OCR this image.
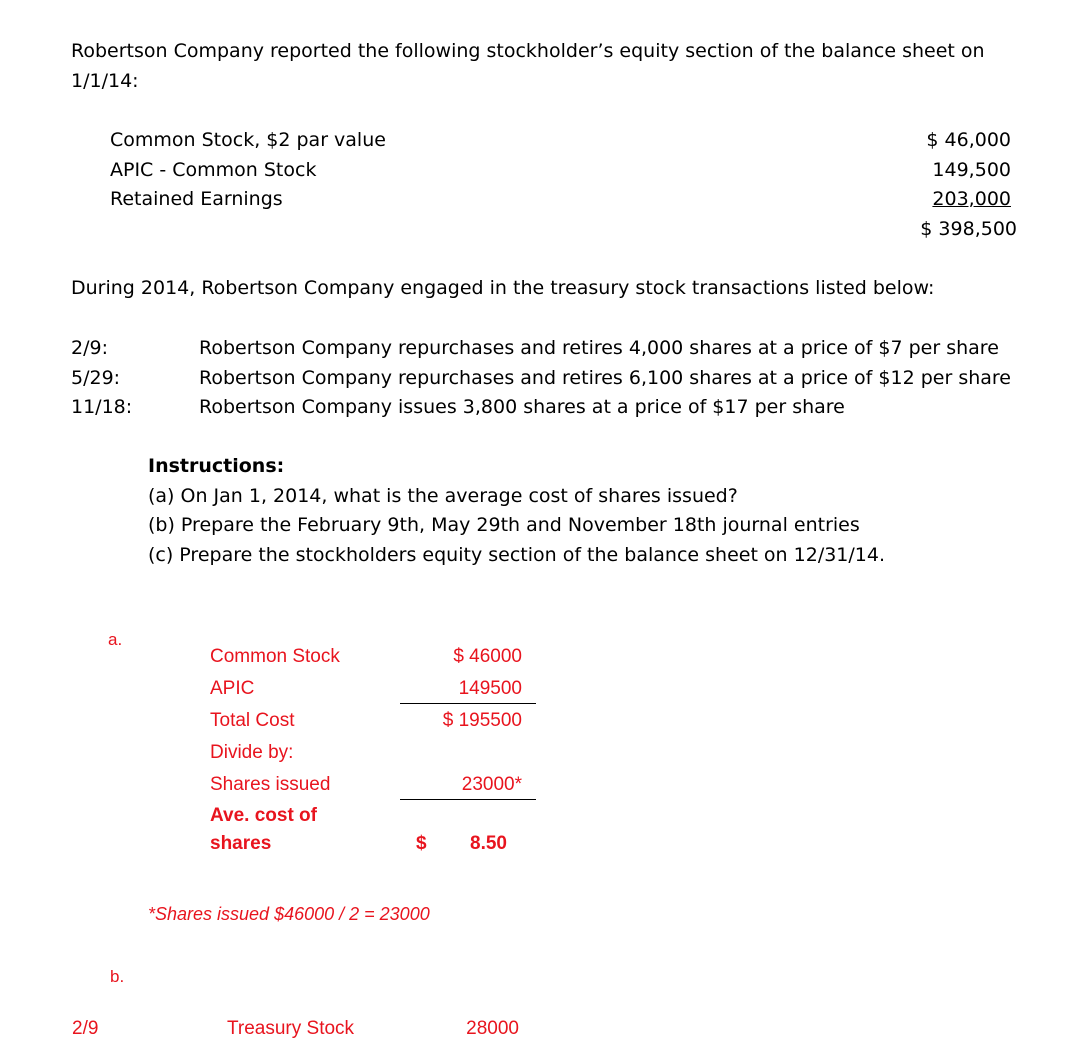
Robertson Company reported the following stockholder’s equity section of the balance sheet on
1/1/14:
Common Stock, $2 par value	$ 46,000
APIC - Common Stock	149,500
Retained Earnings	203,000
$ 398,500
During 2014, Robertson Company engaged in the treasury stock transactions listed below:
2/9:	Robertson Company repurchases and retires 4,000 shares at a price of $7 per share
5/29:	Robertson Company repurchases and retires 6,100 shares at a price of $12 per share
11/18:	Robertson Company issues 3,800 shares at a price of $17 per share
Instructions:
(a) On Jan 1, 2014, what is the average cost of shares issued?
(b) Prepare the February 9th, May 29th and November 18th journal entries
(c) Prepare the stockholders equity section of the balance sheet on 12/31/14.
a.
Common Stock	$ 46000
APIC	149500
Total Cost	$ 195500
Divide by:
Shares issued	23000*
Ave. cost of
shares	$ 8.50
*Shares issued $46000 / 2 = 23000
b.
2/9	Treasury Stock	28000
